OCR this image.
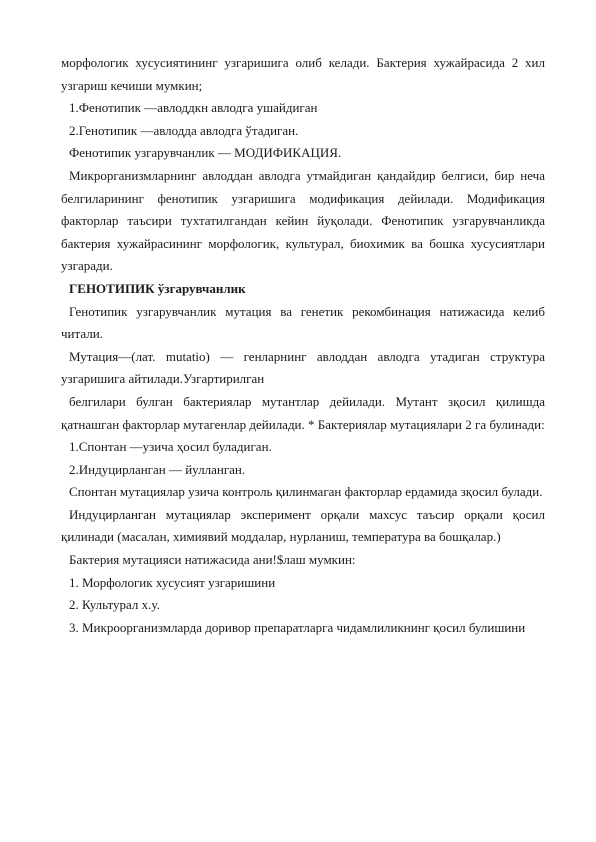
морфологик хусусиятининг узгаришига олиб келади. Бактерия хужайрасида 2 хил узгариш кечиши мумкин;

1.Фенотипик —авлоддкн авлодга ушайдиган

2.Генотипик —авлодда авлодга ўтадиган.

Фенотипик узгарувчанлик — МОДИФИКАЦИЯ.

Микрорганизмларнинг авлоддан авлодга утмайдиган қандайдир белгиси, бир неча белгиларининг фенотипик узгаришига модификация дейилади. Модификация факторлар таъсири тухтатилгандан кейин йуқолади. Фенотипик узгарувчанликда бактерия хужайрасининг морфологик, культурал, биохимик ва бошка хусусиятлари узгаради.

ГЕНОТИПИК ўзгарувчанлик

Генотипик узгарувчанлик мутация ва генетик рекомбинация натижасида келиб читали.

Мутация—(лат. mutatio) — генларнинг авлоддан авлодга утадиган структура узгаришига айтилади.Узгартирилган

белгилари булган бактериялар мутантлар дейилади. Мутант зқосил қилишда қатнашган факторлар мутагенлар дейилади. * Бактериялар мутациялари 2 га булинади:

1.Спонтан —узича ҳосил буладиган.

2.Индуцирланган — йулланган.

Спонтан мутациялар узича контроль қилинмаган факторлар ердамида зқосил булади.

Индуцирланган мутациялар эксперимент орқали махсус таъсир орқали қосил қилинади (масалан, химиявий моддалар, нурланиш, температура ва бошқалар.)

Бактерия мутацияси натижасида ани!$лаш мумкин:

1. Морфологик хусусият узгаришини

2. Культурал х.у.

3. Микроорганизмларда доривор препаратларга чидамлиликнинг қосил булишини
